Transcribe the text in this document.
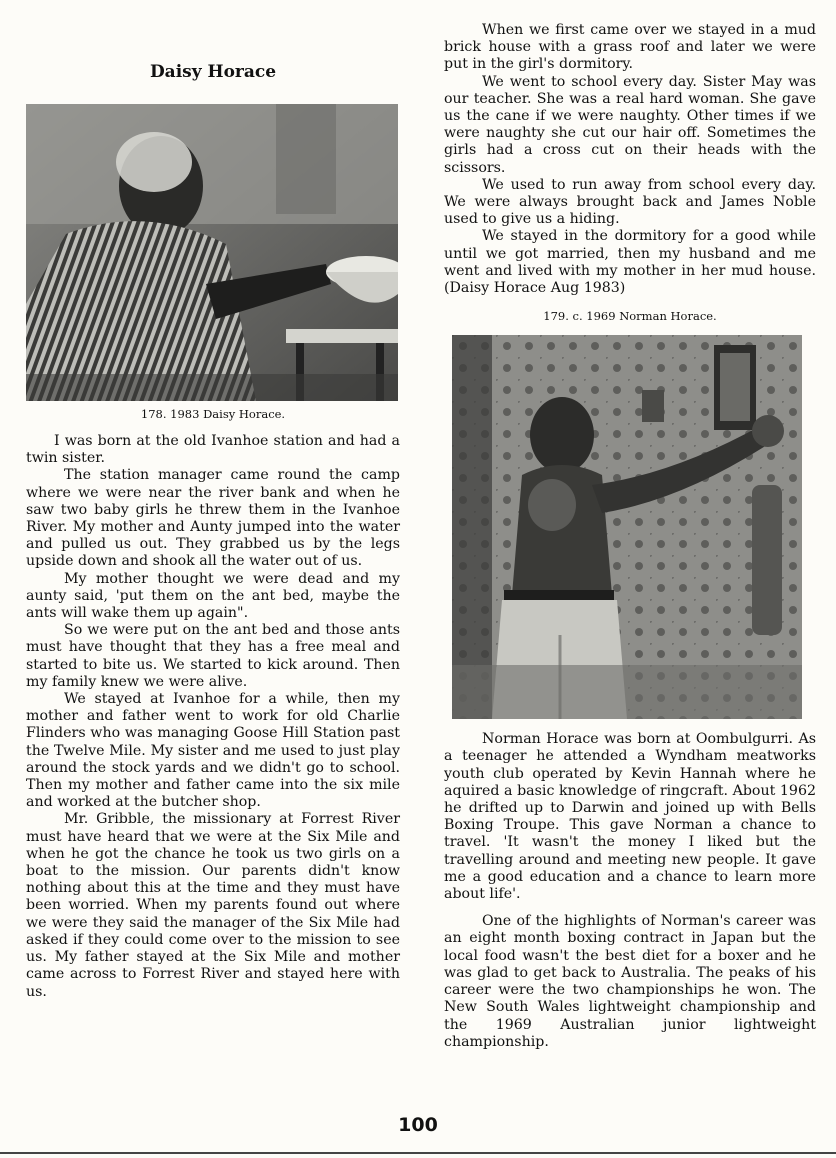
Daisy Horace
178. 1983 Daisy Horace.

I was born at the old Ivanhoe station and had a twin sister.

The station manager came round the camp where we were near the river bank and when he saw two baby girls he threw them in the Ivanhoe River. My mother and Aunty jumped into the water and pulled us out. They grabbed us by the legs upside down and shook all the water out of us.

My mother thought we were dead and my aunty said, 'put them on the ant bed, maybe the ants will wake them up again".

So we were put on the ant bed and those ants must have thought that they has a free meal and started to bite us. We started to kick around. Then my family knew we were alive.

We stayed at Ivanhoe for a while, then my mother and father went to work for old Charlie Flinders who was managing Goose Hill Station past the Twelve Mile. My sister and me used to just play around the stock yards and we didn't go to school. Then my mother and father came into the six mile and worked at the butcher shop.

Mr. Gribble, the missionary at Forrest River must have heard that we were at the Six Mile and when he got the chance he took us two girls on a boat to the mission. Our parents didn't know nothing about this at the time and they must have been worried. When my parents found out where we were they said the manager of the Six Mile had asked if they could come over to the mission to see us. My father stayed at the Six Mile and mother came across to Forrest River and stayed here with us.

When we first came over we stayed in a mud brick house with a grass roof and later we were put in the girl's dormitory.

We went to school every day. Sister May was our teacher. She was a real hard woman. She gave us the cane if we were naughty. Other times if we were naughty she cut our hair off. Sometimes the girls had a cross cut on their heads with the scissors.

We used to run away from school every day. We were always brought back and James Noble used to give us a hiding.

We stayed in the dormitory for a good while until we got married, then my husband and me went and lived with my mother in her mud house. (Daisy Horace Aug 1983)

179. c. 1969 Norman Horace.

Norman Horace was born at Oombulgurri. As a teenager he attended a Wyndham meatworks youth club operated by Kevin Hannah where he aquired a basic knowledge of ringcraft. About 1962 he drifted up to Darwin and joined up with Bells Boxing Troupe. This gave Norman a chance to travel. 'It wasn't the money I liked but the travelling around and meeting new people. It gave me a good education and a chance to learn more about life'.

One of the highlights of Norman's career was an eight month boxing contract in Japan but the local food wasn't the best diet for a boxer and he was glad to get back to Australia. The peaks of his career were the two championships he won. The New South Wales lightweight championship and the 1969 Australian junior lightweight championship.

100
